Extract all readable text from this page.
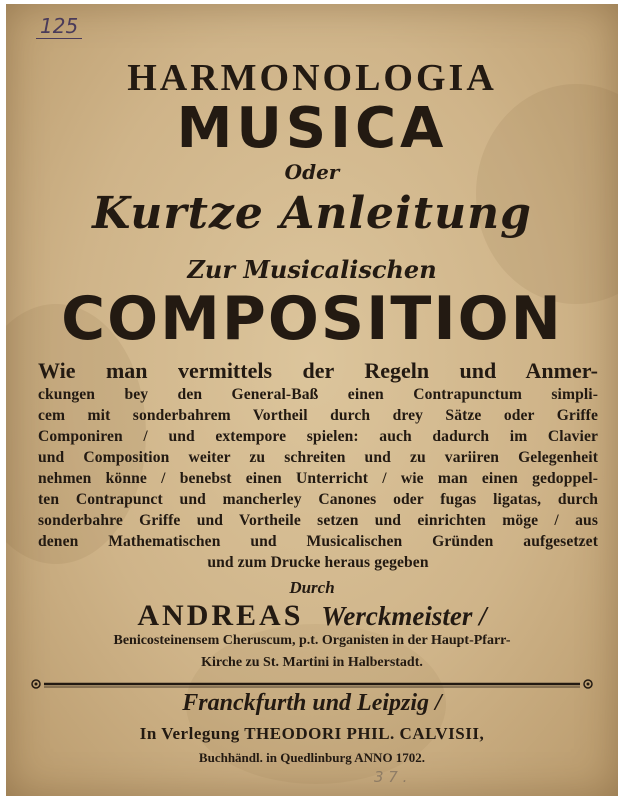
125
HARMONOLOGIA
MUSICA
Oder
Kurtze Anleitung
Zur Musicalischen
COMPOSITION
Wie man vermittels der Regeln und Anmer-
ckungen bey den General-Baß einen Contrapunctum simpli-
cem mit sonderbahrem Vortheil durch drey Sätze oder Griffe
Componiren / und extempore spielen: auch dadurch im Clavier
und Composition weiter zu schreiten und zu variiren Gelegenheit
nehmen könne / benebst einen Unterricht / wie man einen gedoppel-
ten Contrapunct und mancherley Canones oder fugas ligatas, durch
sonderbahre Griffe und Vortheile setzen und einrichten möge / aus
denen Mathematischen und Musicalischen Gründen aufgesetzet
und zum Drucke heraus gegeben
Durch
ANDREAS Werckmeister /
Benicosteinensem Cheruscum, p.t. Organisten in der Haupt-Pfarr-
Kirche zu St. Martini in Halberstadt.
Franckfurth und Leipzig /
In Verlegung THEODORI PHIL. CALVISII,
Buchhändl. in Quedlinburg ANNO 1702.
3 7 .
